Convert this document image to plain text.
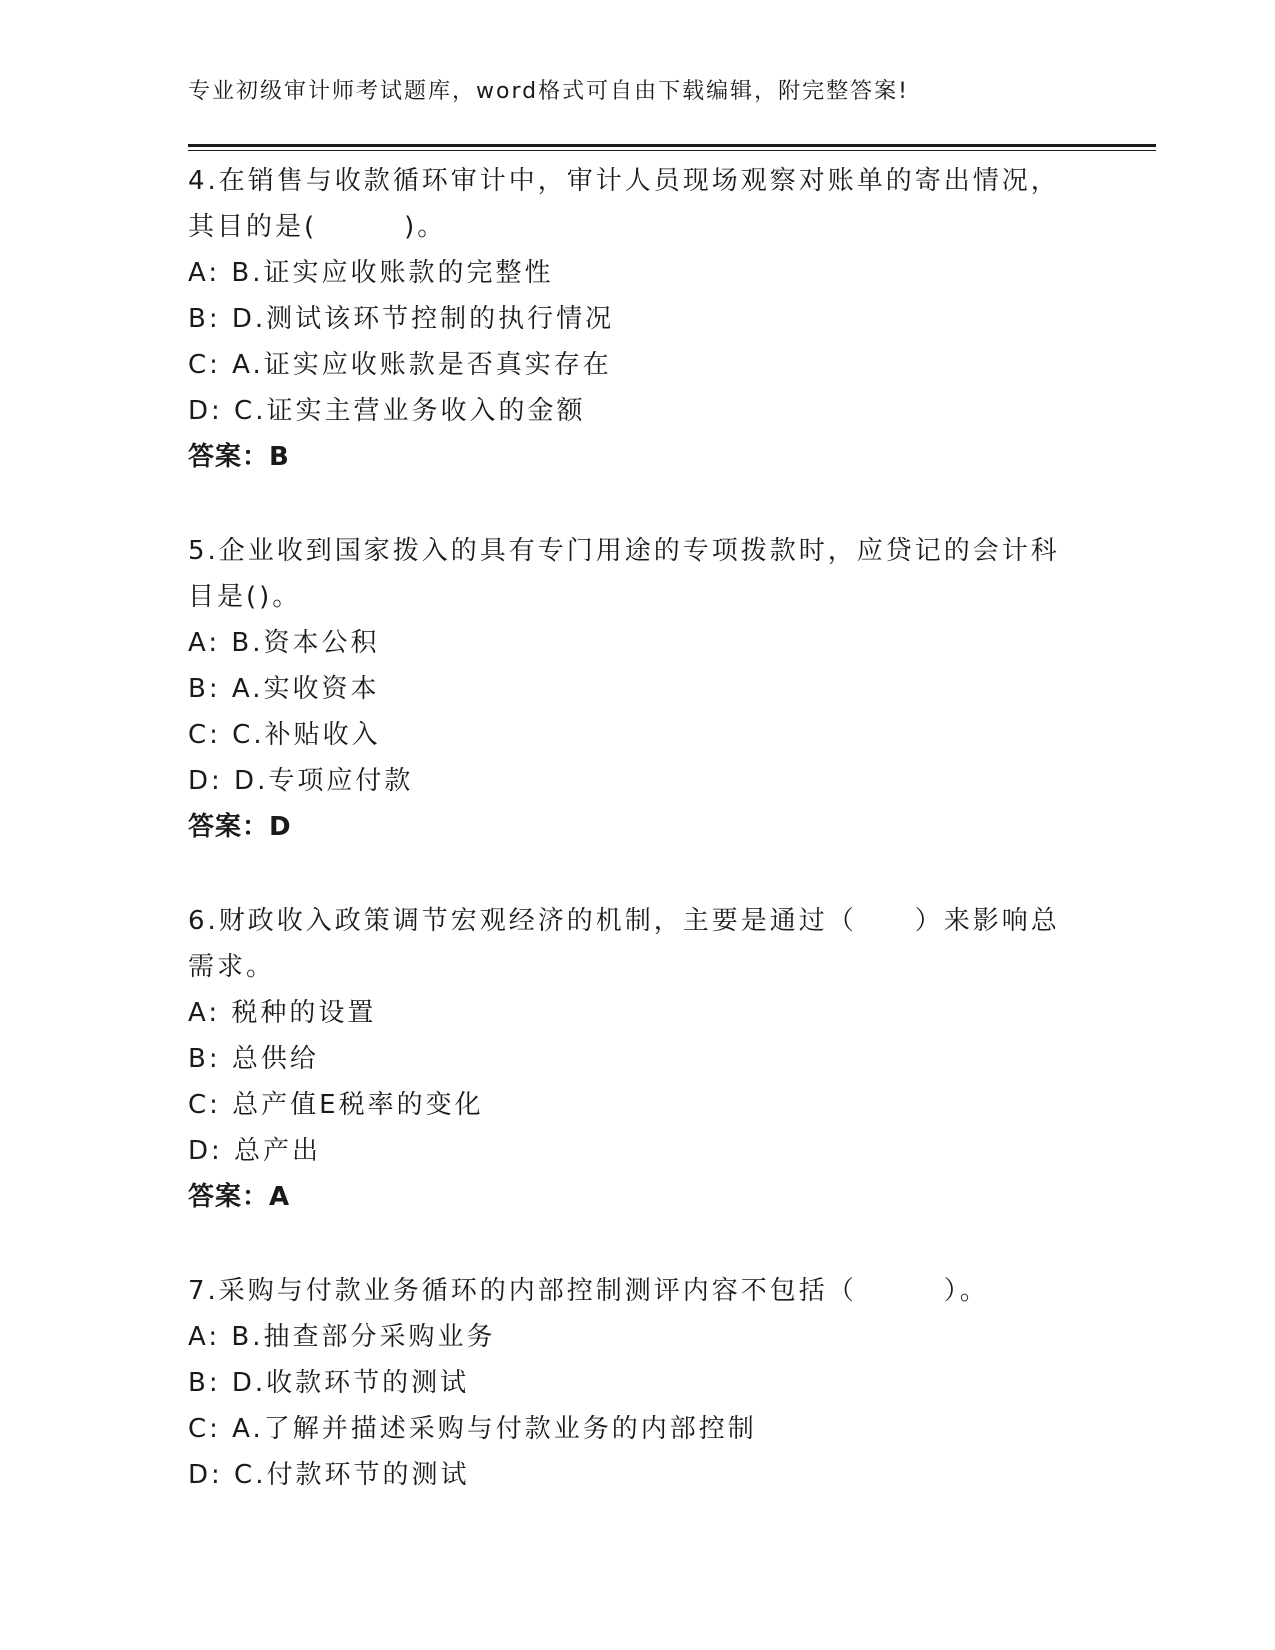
专业初级审计师考试题库，word格式可自由下载编辑，附完整答案!
4.在销售与收款循环审计中，审计人员现场观察对账单的寄出情况，其目的是(　　　)。
A: B.证实应收账款的完整性
B: D.测试该环节控制的执行情况
C: A.证实应收账款是否真实存在
D: C.证实主营业务收入的金额
答案：B
5.企业收到国家拨入的具有专门用途的专项拨款时，应贷记的会计科目是()。
A: B.资本公积
B: A.实收资本
C: C.补贴收入
D: D.专项应付款
答案：D
6.财政收入政策调节宏观经济的机制，主要是通过（　　）来影响总需求。
A: 税种的设置
B: 总供给
C: 总产值E税率的变化
D: 总产出
答案：A
7.采购与付款业务循环的内部控制测评内容不包括（　　　）。
A: B.抽查部分采购业务
B: D.收款环节的测试
C: A.了解并描述采购与付款业务的内部控制
D: C.付款环节的测试
